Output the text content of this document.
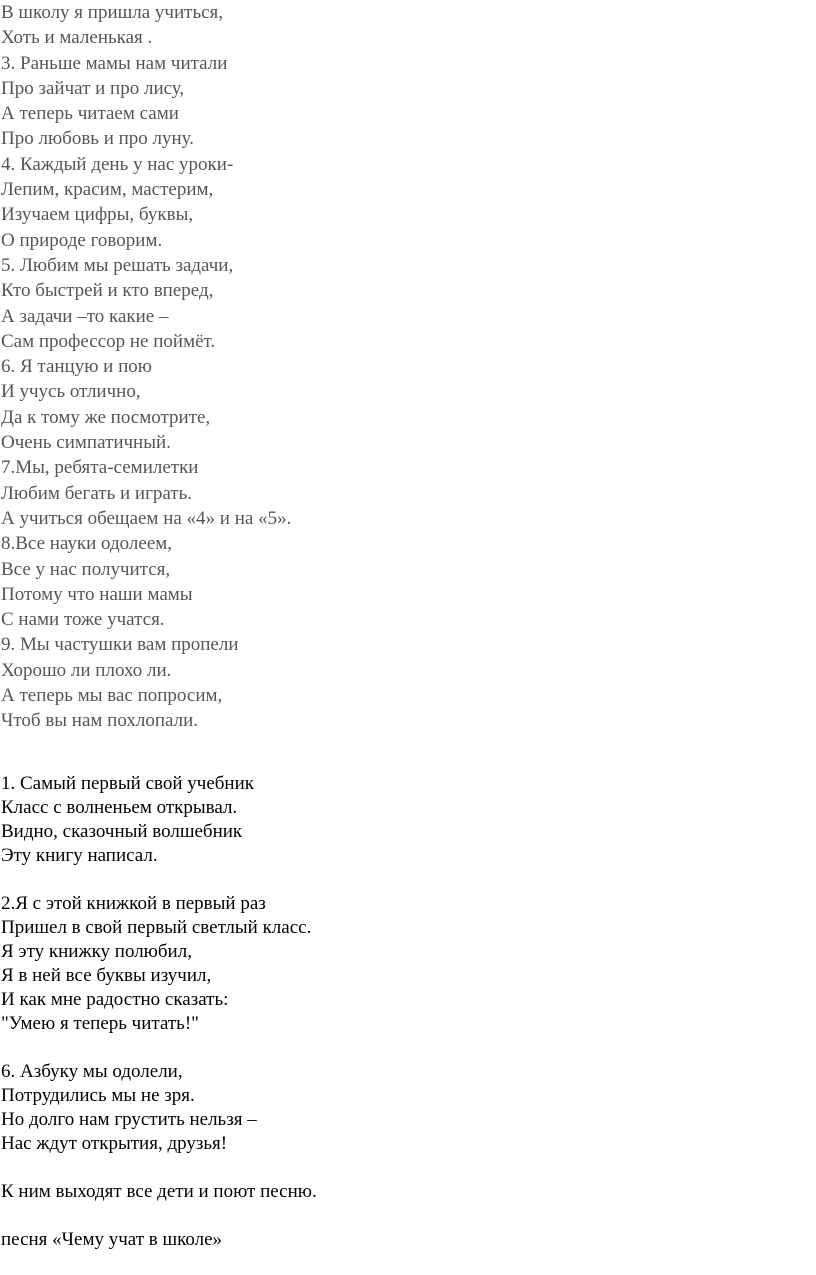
В школу я пришла учиться,
Хоть и маленькая .
3. Раньше мамы нам читали
Про зайчат и про лису,
А теперь читаем сами
Про любовь и про луну.
4. Каждый день у нас уроки-
Лепим, красим, мастерим,
Изучаем цифры, буквы,
О природе говорим.
5. Любим мы решать задачи,
Кто быстрей и кто вперед,
А задачи –то какие –
Сам профессор не поймёт.
6. Я танцую и пою
И учусь отлично,
Да к тому же посмотрите,
Очень симпатичный.
7.Мы, ребята-семилетки
Любим бегать и играть.
А учиться обещаем на «4» и на «5».
8.Все науки одолеем,
Все у нас получится,
Потому что наши мамы
С нами тоже учатся.
9. Мы частушки вам пропели
Хорошо ли плохо ли.
А теперь мы вас попросим,
Чтоб вы нам похлопали.
1. Самый первый свой учебник
Класс с волненьем открывал.
Видно, сказочный волшебник
Эту книгу написал.
2.Я с этой книжкой в первый раз
Пришел в свой первый светлый класс.
Я эту книжку полюбил,
Я в ней все буквы изучил,
И как мне радостно сказать:
"Умею я теперь читать!"
6. Азбуку мы одолели,
Потрудились мы не зря.
Но долго нам грустить нельзя –
Нас ждут открытия, друзья!
К ним выходят все дети и поют песню.
песня «Чему учат в школе»
